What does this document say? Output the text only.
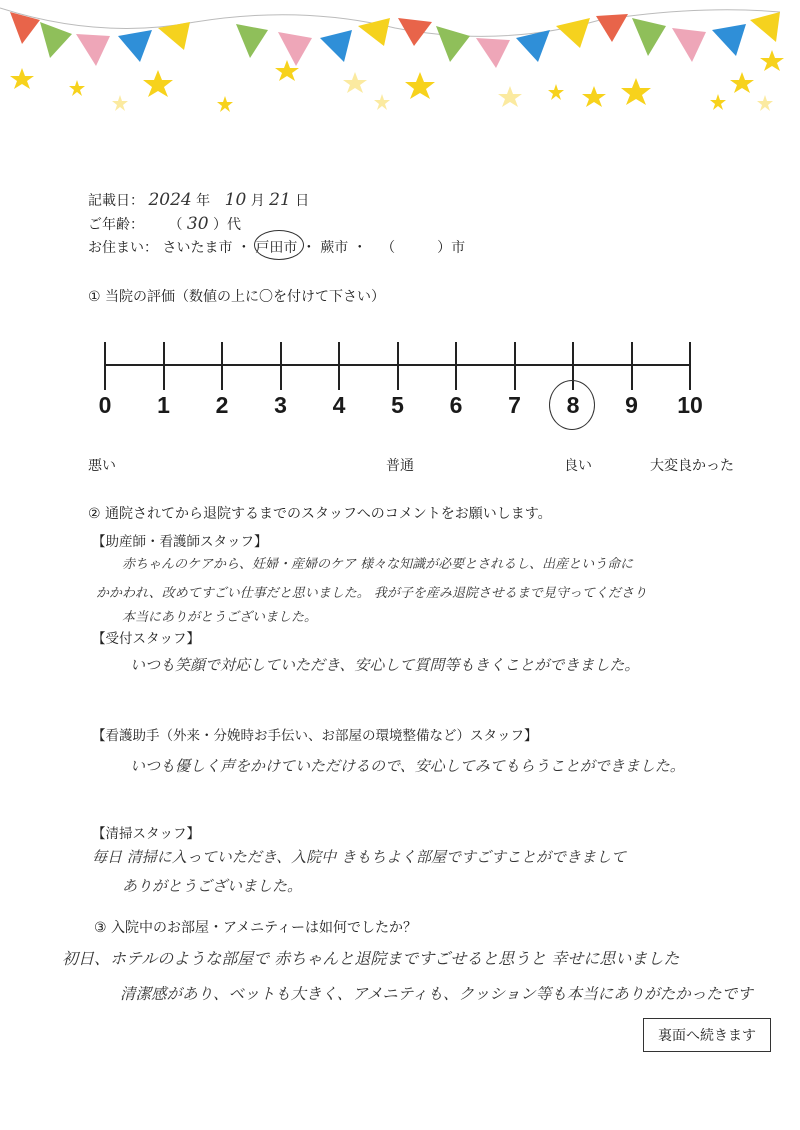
記載日： 2024 年 10 月 21 日
ご年齢： （ 30 ）代
お住まい： さいたま市 ・ 戸田市 ・ 蕨市 ・ （　　　）市
① 当院の評価（数値の上に〇を付けて下さい）
0 1 2 3 4 5 6 7 8 9 10
悪い	普通	良い	大変良かった
② 通院されてから退院するまでのスタッフへのコメントをお願いします。
【助産師・看護師スタッフ】
赤ちゃんのケアから、妊婦・産婦のケア 様々な知識が必要とされるし、出産という命に
かかわれ、改めてすごい仕事だと思いました。 我が子を産み退院させるまで見守ってくださり
本当にありがとうございました。
【受付スタッフ】
いつも笑顔で対応していただき、安心して質問等もきくことができました。
【看護助手（外来・分娩時お手伝い、お部屋の環境整備など）スタッフ】
いつも優しく声をかけていただけるので、安心してみてもらうことができました。
【清掃スタッフ】
毎日 清掃に入っていただき、入院中 きもちよく部屋ですごすことができまして
ありがとうございました。
③ 入院中のお部屋・アメニティーは如何でしたか？
初日、ホテルのような部屋で 赤ちゃんと退院まですごせると思うと 幸せに思いました
清潔感があり、ベットも大きく、アメニティも、クッション等も本当にありがたかったです
裏面へ続きます
